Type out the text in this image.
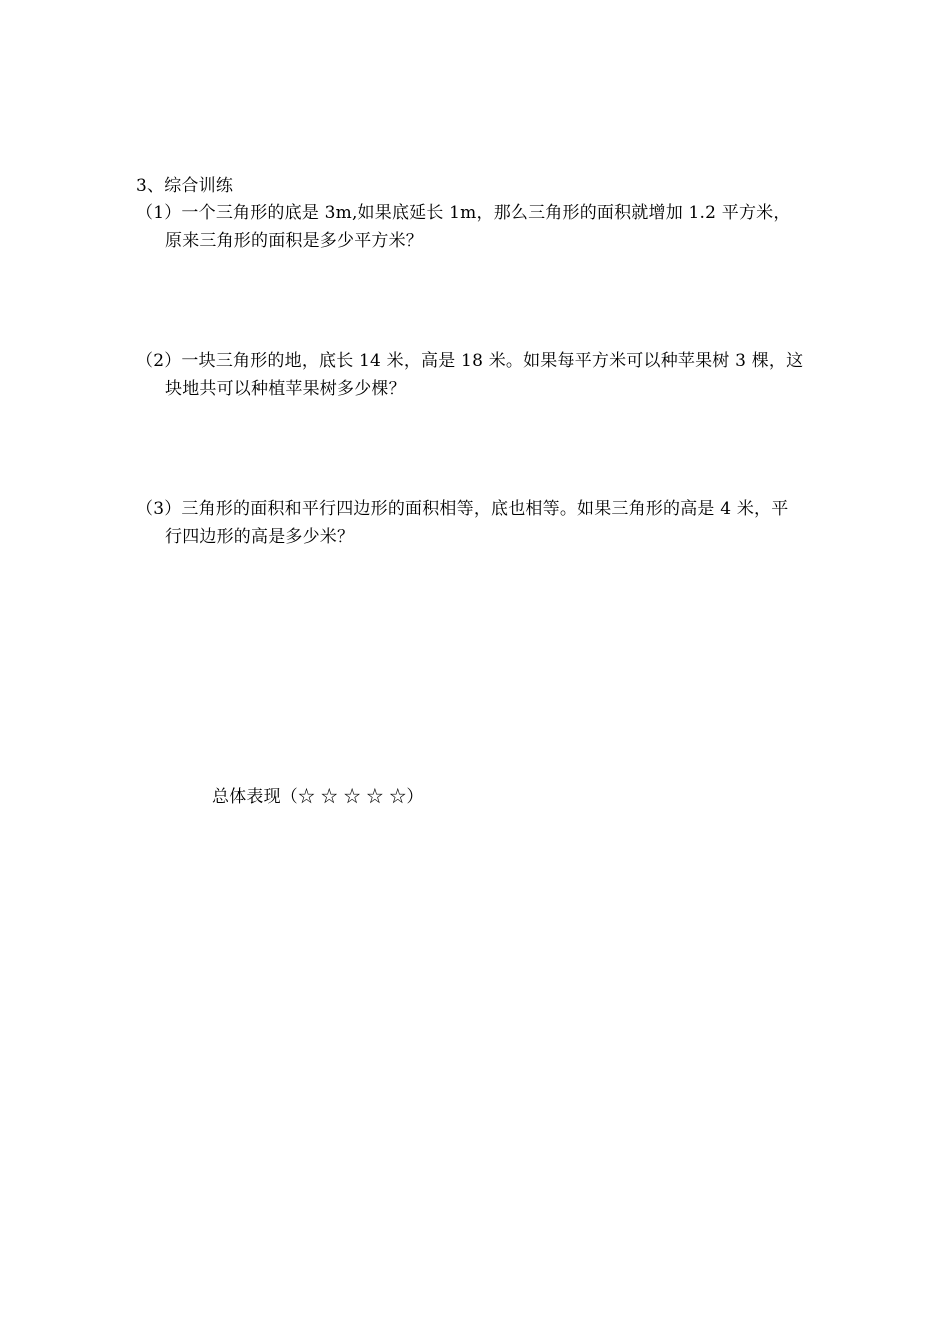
3、综合训练
（1）一个三角形的底是 3m,如果底延长 1m，那么三角形的面积就增加 1.2 平方米，
原来三角形的面积是多少平方米？
（2）一块三角形的地，底长 14 米，高是 18 米。如果每平方米可以种苹果树 3 棵，这
块地共可以种植苹果树多少棵？
（3）三角形的面积和平行四边形的面积相等，底也相等。如果三角形的高是 4 米，平
行四边形的高是多少米？
总体表现（☆ ☆ ☆ ☆ ☆）
